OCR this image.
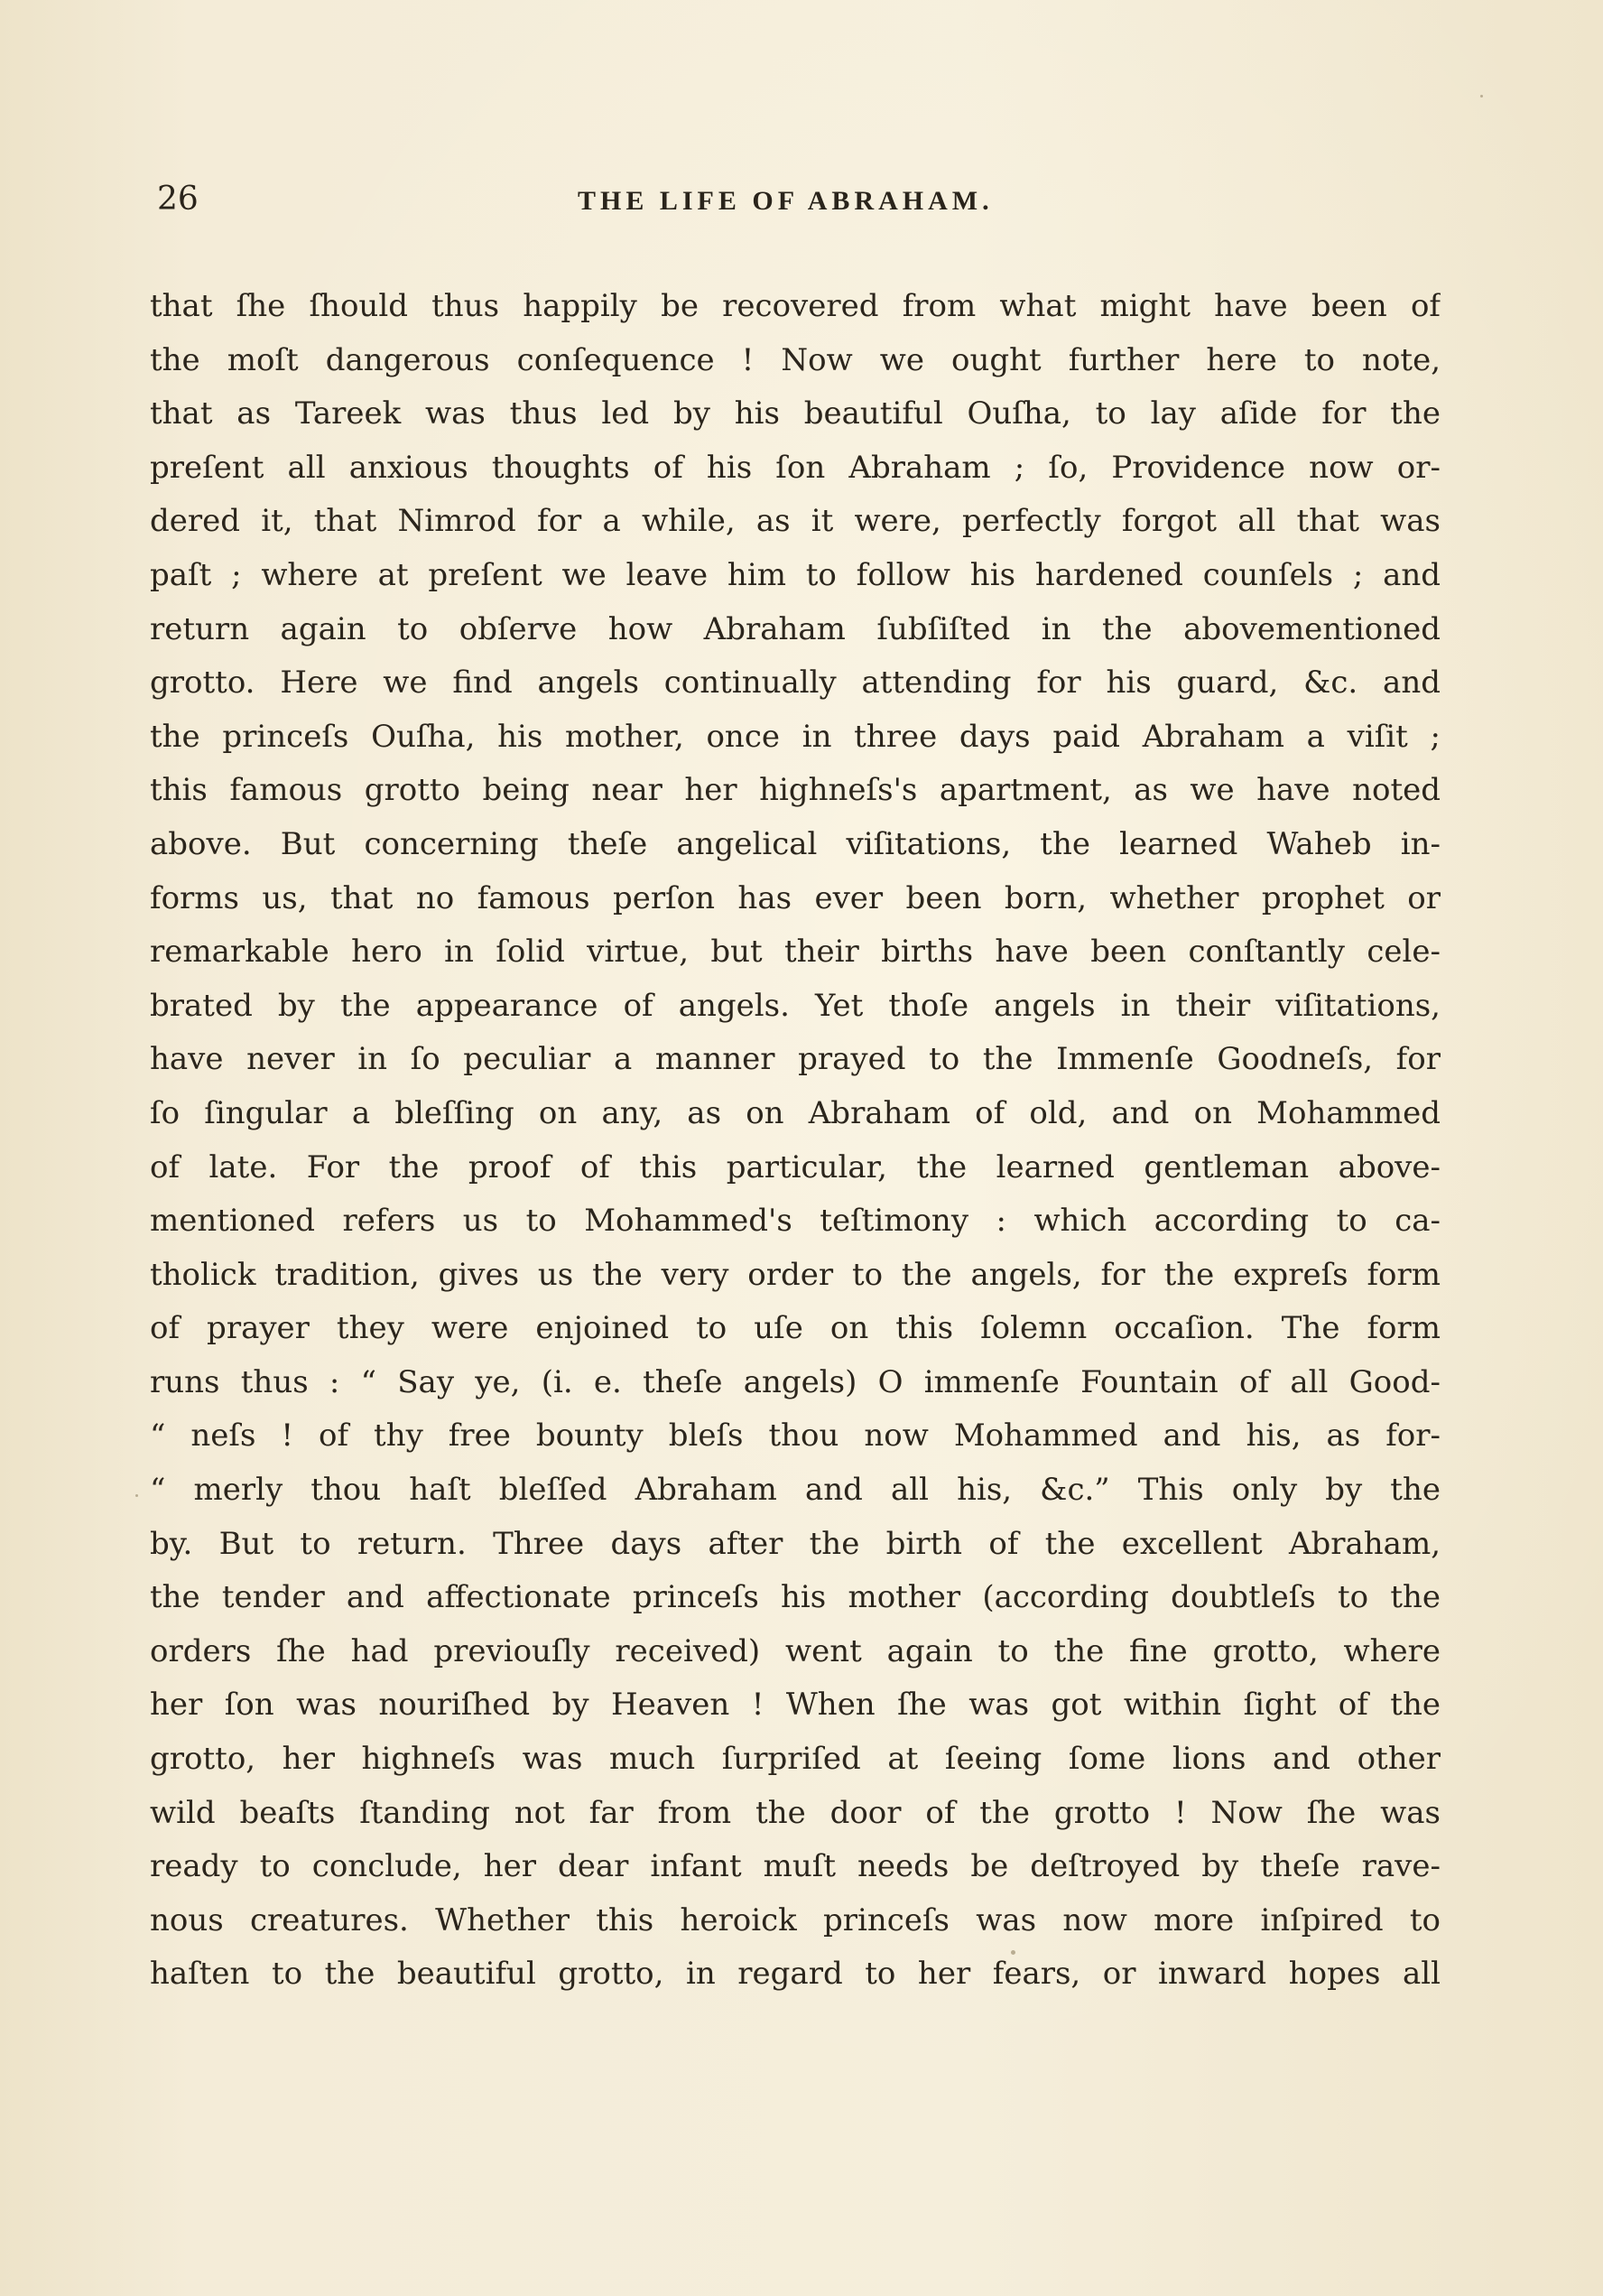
26	THE LIFE OF ABRAHAM.
that ſhe ſhould thus happily be recovered from what might have been of
the moſt dangerous conſequence ! Now we ought further here to note,
that as Tareek was thus led by his beautiful Ouſha, to lay aſide for the
preſent all anxious thoughts of his ſon Abraham ; ſo, Providence now or-
dered it, that Nimrod for a while, as it were, perfectly forgot all that was
paſt ; where at preſent we leave him to follow his hardened counſels ; and
return again to obſerve how Abraham ſubſiſted in the abovementioned
grotto. Here we find angels continually attending for his guard, &c. and
the princeſs Ouſha, his mother, once in three days paid Abraham a viſit ;
this famous grotto being near her highneſs's apartment, as we have noted
above. But concerning theſe angelical viſitations, the learned Waheb in-
forms us, that no famous perſon has ever been born, whether prophet or
remarkable hero in ſolid virtue, but their births have been conſtantly cele-
brated by the appearance of angels. Yet thoſe angels in their viſitations,
have never in ſo peculiar a manner prayed to the Immenſe Goodneſs, for
ſo ſingular a bleſſing on any, as on Abraham of old, and on Mohammed
of late. For the proof of this particular, the learned gentleman above-
mentioned refers us to Mohammed's teſtimony : which according to ca-
tholick tradition, gives us the very order to the angels, for the expreſs form
of prayer they were enjoined to uſe on this ſolemn occaſion. The form
runs thus : “ Say ye, (i. e. theſe angels) O immenſe Fountain of all Good-
“ neſs ! of thy free bounty bleſs thou now Mohammed and his, as for-
“ merly thou haſt bleſſed Abraham and all his, &c.” This only by the
by. But to return. Three days after the birth of the excellent Abraham,
the tender and affectionate princeſs his mother (according doubtleſs to the
orders ſhe had previouſly received) went again to the fine grotto, where
her ſon was nouriſhed by Heaven ! When ſhe was got within ſight of the
grotto, her highneſs was much ſurpriſed at ſeeing ſome lions and other
wild beaſts ſtanding not far from the door of the grotto ! Now ſhe was
ready to conclude, her dear infant muſt needs be deſtroyed by theſe rave-
nous creatures. Whether this heroick princeſs was now more inſpired to
haſten to the beautiful grotto, in regard to her fears, or inward hopes all
